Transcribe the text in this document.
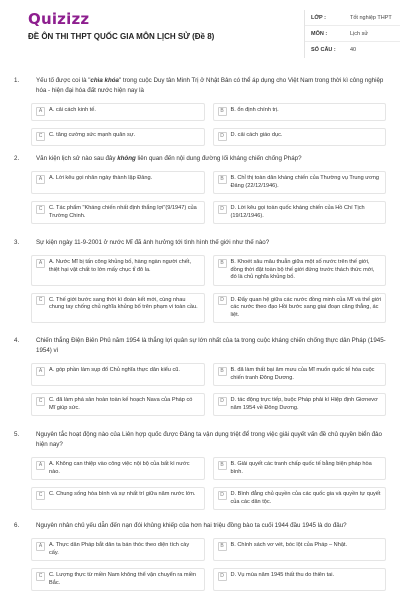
Quizizz
ĐỀ ÔN THI THPT QUỐC GIA MÔN LỊCH SỬ (Đề 8)
LỚP :	Tốt nghiệp THPT
MÔN :	Lịch sử
SỐ CÂU :	40
1.	Yếu tố được coi là "chìa khóa" trong cuộc Duy tân Minh Trị ở Nhật Bản có thể áp dụng cho Việt Nam trong thời kì công nghiệp hóa - hiện đại hóa đất nước hiện nay là
A	A. cải cách kinh tế.	B	B. ổn định chính trị.
C	C. tăng cường sức mạnh quân sự.	D	D. cải cách giáo dục.
2.	Văn kiện lịch sử nào sau đây không liên quan đến nội dung đường lối kháng chiến chống Pháp?
A	A. Lời kêu gọi nhân ngày thành lập Đảng.	B	B. Chỉ thị toàn dân kháng chiến của Thường vụ Trung ương Đảng (22/12/1946).
C	C. Tác phẩm "Kháng chiến nhất định thắng lợi"(9/1947) của Trường Chinh.
D	D. Lời kêu gọi toàn quốc kháng chiến của Hồ Chí Tịch (19/12/1946).
3.	Sự kiện ngày 11-9-2001 ở nước Mĩ đã ảnh hưởng tới tình hình thế giới như thế nào?
A	A. Nước Mĩ bị tấn công khủng bố, hàng ngàn người chết, thiệt hại vật chất to lớn mấy chục tỉ đô la.
B	B. Khoét sâu mâu thuẫn giữa một số nước trên thế giới, đồng thời đặt toàn bộ thế giới đứng trước thách thức mới, đó là chủ nghĩa khủng bố.
C	C. Thế giới bước sang thời kì đoàn kết mới, cùng nhau chung tay chống chủ nghĩa khủng bố trên phạm vi toàn cầu.
D	D. Đẩy quan hệ giữa các nước đồng minh của Mĩ và thế giới các nước theo đạo Hồi bước sang giai đoạn căng thẳng, ác liệt.
4.	Chiến thắng Điện Biên Phủ năm 1954 là thắng lợi quân sự lớn nhất của ta trong cuộc kháng chiến chống thực dân Pháp (1945-1954) vì
A	A. góp phần làm sụp đổ Chủ nghĩa thực dân kiểu cũ.	B	B. đã làm thất bại âm mưu của Mĩ muốn quốc tế hóa cuộc chiến tranh Đông Dương.
C	C. đã làm phá sản hoàn toàn kế hoạch Nava của Pháp có Mĩ giúp sức.
D	D. tác động trực tiếp, buộc Pháp phải kí Hiệp định Giơnevơ năm 1954 về Đông Dương.
5.	Nguyên tắc hoạt động nào của Liên hợp quốc được Đảng ta vận dụng triệt để trong việc giải quyết vấn đề chủ quyền biển đảo hiện nay?
A	A. Không can thiệp vào công việc nội bộ của bất kì nước nào.
B	B. Giải quyết các tranh chấp quốc tế bằng biện pháp hòa bình.
C	C. Chung sống hòa bình và sự nhất trí giữa năm nước lớn.	D	D. Bình đẳng chủ quyền của các quốc gia và quyền tự quyết của các dân tộc.
6.	Nguyên nhân chủ yếu dẫn đến nạn đói khủng khiếp của hơn hai triệu đồng bào ta cuối 1944 đầu 1945 là do đâu?
A	A. Thực dân Pháp bắt dân ta bán thóc theo diện tích cày cấy.
B	B. Chính sách vơ vét, bóc lột của Pháp – Nhật.
C	C. Lượng thực từ miền Nam không thể vận chuyển ra miền Bắc.
D	D. Vụ mùa năm 1945 thất thu do thiên tai.
